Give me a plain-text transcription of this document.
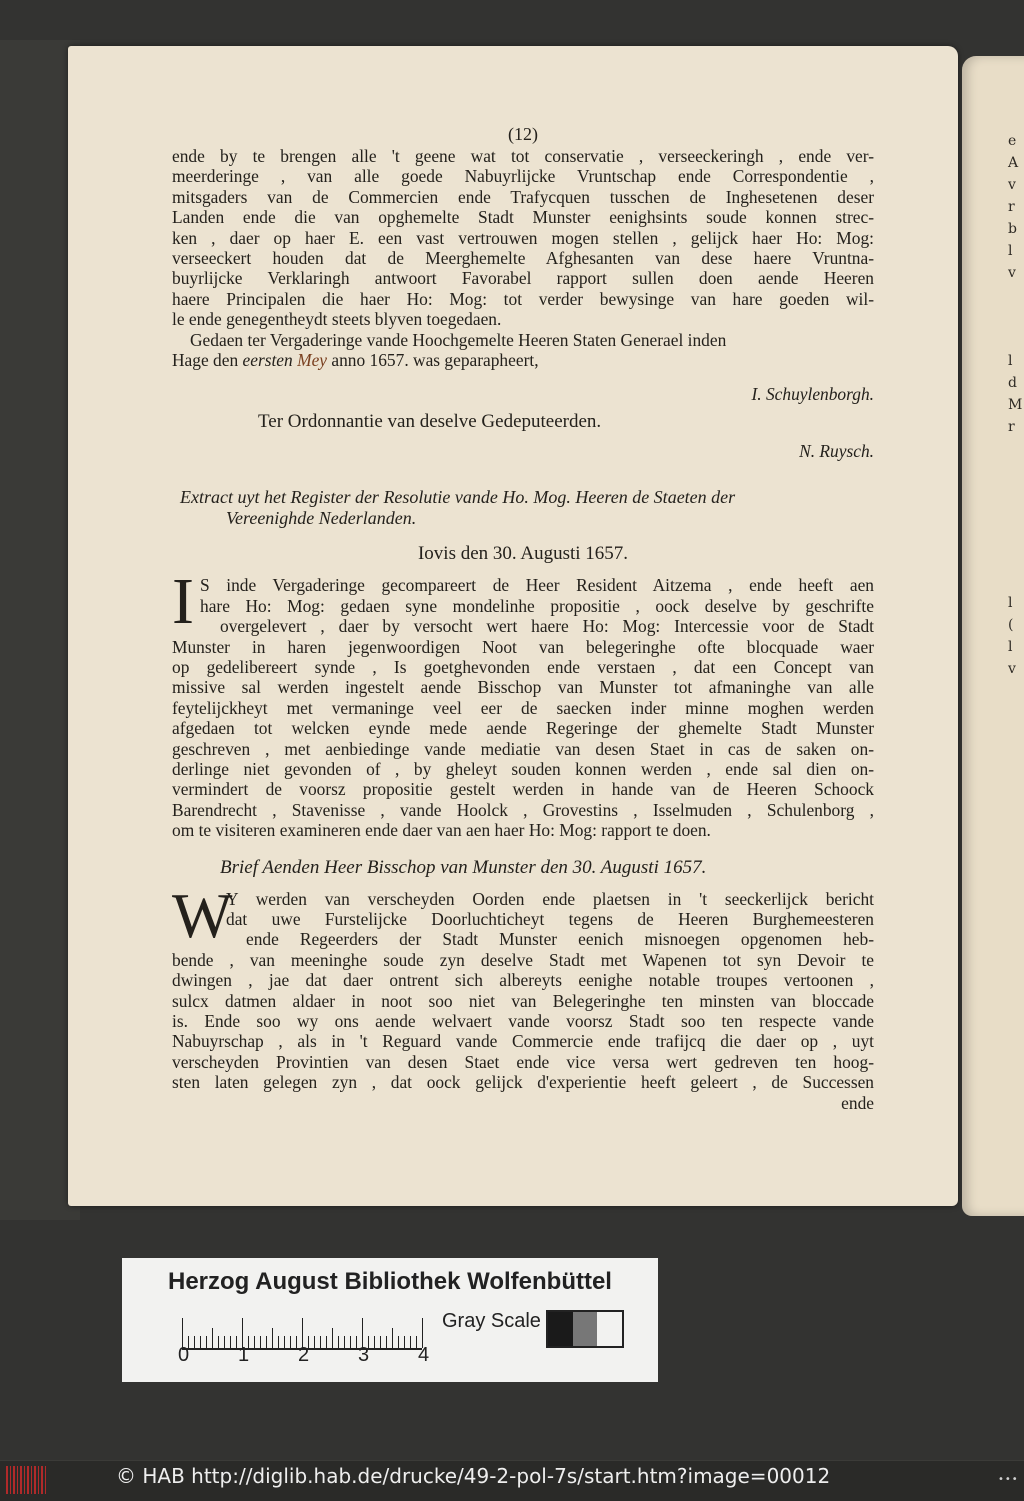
e
A
v
r
b
l
v

l
d
M
r

l
(
l
v
(12)
ende by te brengen alle 't geene wat tot conservatie , verseeckeringh , ende ver-
meerderinge , van alle goede Nabuyrlijcke Vruntschap ende Correspondentie ,
mitsgaders van de Commercien ende Trafycquen tusschen de Inghesetenen deser
Landen ende die van opghemelte Stadt Munster eenighsints soude konnen strec-
ken , daer op haer E. een vast vertrouwen mogen stellen , gelijck haer Ho: Mog:
verseeckert houden dat de Meerghemelte Afghesanten van dese haere Vruntna-
buyrlijcke Verklaringh antwoort Favorabel rapport sullen doen aende Heeren
haere Principalen die haer Ho: Mog: tot verder bewysinge van hare goeden wil-
le ende genegentheydt steets blyven toegedaen.
Gedaen ter Vergaderinge vande Hoochgemelte Heeren Staten Generael inden
Hage den eersten Mey anno 1657. was geparapheert,
I. Schuylenborgh.
Ter Ordonnantie van deselve Gedeputeerden.
N. Ruysch.
Extract uyt het Register der Resolutie vande Ho. Mog. Heeren de Staeten der
Vereenighde Nederlanden.
Iovis den 30. Augusti 1657.
I S inde Vergaderinge gecompareert de Heer Resident Aitzema , ende heeft aen
hare Ho: Mog: gedaen syne mondelinhe propositie , oock deselve by geschrifte
overgelevert , daer by versocht wert haere Ho: Mog: Intercessie voor de Stadt
Munster in haren jegenwoordigen Noot van belegeringhe ofte blocquade waer
op gedelibereert synde , Is goetghevonden ende verstaen , dat een Concept van
missive sal werden ingestelt aende Bisschop van Munster tot afmaninghe van alle
feytelijckheyt met vermaninge veel eer de saecken inder minne moghen werden
afgedaen tot welcken eynde mede aende Regeringe der ghemelte Stadt Munster
geschreven , met aenbiedinge vande mediatie van desen Staet in cas de saken on-
derlinge niet gevonden of , by gheleyt souden konnen werden , ende sal dien on-
vermindert de voorsz propositie gestelt werden in hande van de Heeren Schoock
Barendrecht , Stavenisse , vande Hoolck , Grovestins , Isselmuden , Schulenborg ,
om te visiteren examineren ende daer van aen haer Ho: Mog: rapport te doen.
Brief Aenden Heer Bisschop van Munster den 30. Augusti 1657.
W
Y werden van verscheyden Oorden ende plaetsen in 't seeckerlijck bericht
dat uwe Furstelijcke Doorluchticheyt tegens de Heeren Burghemeesteren
ende Regeerders der Stadt Munster eenich misnoegen opgenomen heb-
bende , van meeninghe soude zyn deselve Stadt met Wapenen tot syn Devoir te
dwingen , jae dat daer ontrent sich albereyts eenighe notable troupes vertoonen ,
sulcx datmen aldaer in noot soo niet van Belegeringhe ten minsten van bloccade
is. Ende soo wy ons aende welvaert vande voorsz Stadt soo ten respecte vande
Nabuyrschap , als in 't Reguard vande Commercie ende trafijcq die daer op , uyt
verscheyden Provintien van desen Staet ende vice versa wert gedreven ten hoog-
sten laten gelegen zyn , dat oock gelijck d'experientie heeft geleert , de Successen
ende
Herzog August Bibliothek Wolfenbüttel
0 1 2 3 4
Gray Scale
© HAB http://diglib.hab.de/drucke/49-2-pol-7s/start.htm?image=00012	•••
